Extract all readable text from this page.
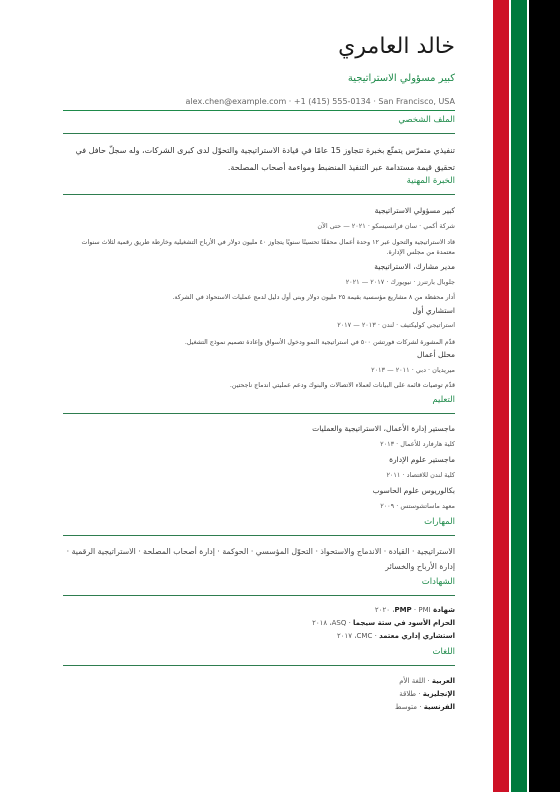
خالد العامري
كبير مسؤولي الاستراتيجية
alex.chen@example.com · +1 (415) 555-0134 · San Francisco, USA
الملف الشخصي
تنفيذي متمرّس يتمتّع بخبرة تتجاوز 15 عامًا في قيادة الاستراتيجية والتحوّل لدى كبرى الشركات، وله سجلّ حافل في تحقيق قيمة مستدامة عبر التنفيذ المنضبط ومواءمة أصحاب المصلحة.
الخبرة المهنية
كبير مسؤولي الاستراتيجية
شركة أكمي · سان فرانسيسكو · ٢٠٢١ — حتى الآن
قاد الاستراتيجية والتحول عبر ١٢ وحدة أعمال محققًا تحسينًا سنويًا يتجاوز ٤٠ مليون دولار في الأرباح التشغيلية وخارطة طريق رقمية لثلاث سنوات معتمدة من مجلس الإدارة.
مدير مشارك، الاستراتيجية
جلوبال بارتنرز · نيويورك · ٢٠١٧ — ٢٠٢١
أدار محفظة من ٨ مشاريع مؤسسية بقيمة ٢٥ مليون دولار وبنى أول دليل لدمج عمليات الاستحواذ في الشركة.
استشاري أول
استراتيجي كوليكتيف · لندن · ٢٠١٣ — ٢٠١٧
قدّم المشورة لشركات فورتشن ٥٠٠ في استراتيجية النمو ودخول الأسواق وإعادة تصميم نموذج التشغيل.
محلل أعمال
ميريديان · دبي · ٢٠١١ — ٢٠١٣
قدّم توصيات قائمة على البيانات لعملاء الاتصالات والبنوك ودعم عمليتي اندماج ناجحتين.
التعليم
ماجستير إدارة الأعمال، الاستراتيجية والعمليات
كلية هارفارد للأعمال · ٢٠١٣
ماجستير علوم الإدارة
كلية لندن للاقتصاد · ٢٠١١
بكالوريوس علوم الحاسوب
معهد ماساتشوستس · ٢٠٠٩
المهارات
الاستراتيجية · القيادة · الاندماج والاستحواذ · التحوّل المؤسسي · الحوكمة · إدارة أصحاب المصلحة · الاستراتيجية الرقمية · إدارة الأرباح والخسائر
الشهادات
شهادة PMP · PMI، ٢٠٢٠
الحزام الأسود في ستة سيجما · ASQ، ٢٠١٨
استشاري إداري معتمد · CMC، ٢٠١٧
اللغات
العربية · اللغة الأم
الإنجليزية · طلاقة
الفرنسية · متوسط
